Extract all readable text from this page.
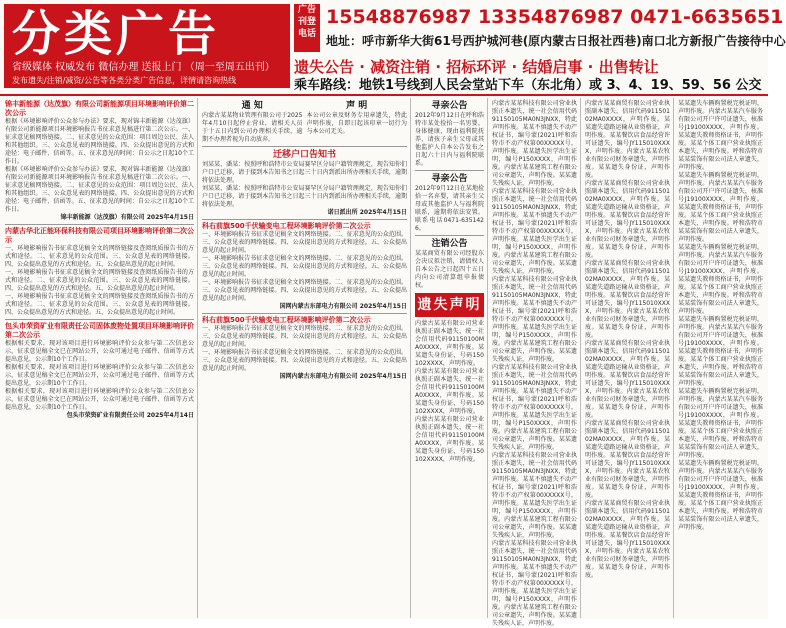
分类广告
省级媒体 权威发布 微信办理 送报上门 （周一至周五出刊）
发布遗失/注销/减资/公告等各类分类广告信息，详情请咨询热线
广告刊登电话
15548876987 13354876987 0471-6635651
地址：呼市新华大街61号西护城河巷(原内蒙古日报社西巷)南口北方新报广告接待中心
遗失公告 · 减资注销 · 招标环评 · 结婚启事 · 出售转让
乘车路线：地铁1号线到人民会堂站下车（东北角）或 3、4、19、59、56 公交
锦丰新能源（达茂旗）有限公司新能源项目环境影响评价第二次公示

根据《环境影响评价公众参与办法》要求，现对锦丰新能源（达茂旗）有限公司新能源项目环境影响报告书征求意见稿进行第二次公示。一、征求意见稿网络链接。二、征求意见的公众范围：项目周边公民、法人和其他组织。三、公众意见表的网络链接。四、公众提出意见的方式和途径：电子邮件、信函等。五、征求意见的时间：自公示之日起10个工作日。

根据《环境影响评价公众参与办法》要求，现对锦丰新能源（达茂旗）有限公司新能源项目环境影响报告书征求意见稿进行第二次公示。一、征求意见稿网络链接。二、征求意见的公众范围：项目周边公民、法人和其他组织。三、公众意见表的网络链接。四、公众提出意见的方式和途径：电子邮件、信函等。五、征求意见的时间：自公示之日起10个工作日。

锦丰新能源（达茂旗）有限公司 2025年4月15日
内蒙古华北正能环保科技有限公司项目环境影响评价第二次公示

一、环境影响报告书征求意见稿全文的网络链接及查阅纸质报告书的方式和途径。二、征求意见的公众范围。三、公众意见表的网络链接。四、公众提出意见的方式和途径。五、公众提出意见的起止时间。

一、环境影响报告书征求意见稿全文的网络链接及查阅纸质报告书的方式和途径。二、征求意见的公众范围。三、公众意见表的网络链接。四、公众提出意见的方式和途径。五、公众提出意见的起止时间。

一、环境影响报告书征求意见稿全文的网络链接及查阅纸质报告书的方式和途径。二、征求意见的公众范围。三、公众意见表的网络链接。四、公众提出意见的方式和途径。五、公众提出意见的起止时间。

包头市荣资矿业有限责任公司固体废物处置项目环境影响评价第二次公示

根据相关要求，现对该项目进行环境影响评价公众参与第二次信息公示，征求意见稿全文已在网站公开，公众可通过电子邮件、信函等方式提出意见，公示期10个工作日。

根据相关要求，现对该项目进行环境影响评价公众参与第二次信息公示，征求意见稿全文已在网站公开，公众可通过电子邮件、信函等方式提出意见，公示期10个工作日。

根据相关要求，现对该项目进行环境影响评价公众参与第二次信息公示，征求意见稿全文已在网站公开，公众可通过电子邮件、信函等方式提出意见，公示期10个工作日。

包头市荣资矿业有限责任公司 2025年4月14日
通 知

内蒙古某某物业管理有限公司于2025年4月10日起停止营业，请相关人员于十五日内到公司办理相关手续，逾期不办理者视为自动放弃。

声 明

本公司公章及财务专用章遗失，特此声明作废，自即日起该印章一切行为与本公司无关。

迁移户口告知书

刘某某、潘某：按照呼和浩特市公安局赛罕区分局户籍管理规定，现告知你们户口已迁移，请于接到本告知书之日起三十日内到派出所办理相关手续，逾期将依法处理。

刘某某、潘某：按照呼和浩特市公安局赛罕区分局户籍管理规定，现告知你们户口已迁移，请于接到本告知书之日起三十日内到派出所办理相关手续，逾期将依法处理。

诺日派出所 2025年4月15日
科右前旗500千伏输变电工程环境影响评价第二次公示

一、环境影响报告书征求意见稿全文的网络链接。二、征求意见的公众范围。三、公众意见表的网络链接。四、公众提出意见的方式和途径。五、公众提出意见的起止时间。

一、环境影响报告书征求意见稿全文的网络链接。二、征求意见的公众范围。三、公众意见表的网络链接。四、公众提出意见的方式和途径。五、公众提出意见的起止时间。

一、环境影响报告书征求意见稿全文的网络链接。二、征求意见的公众范围。三、公众意见表的网络链接。四、公众提出意见的方式和途径。五、公众提出意见的起止时间。

国网内蒙古东部电力有限公司 2025年4月15日
科右前旗500千伏输变电工程环境影响评价第二次公示

一、环境影响报告书征求意见稿全文的网络链接。二、征求意见的公众范围。三、公众意见表的网络链接。四、公众提出意见的方式和途径。五、公众提出意见的起止时间。

一、环境影响报告书征求意见稿全文的网络链接。二、征求意见的公众范围。三、公众意见表的网络链接。四、公众提出意见的方式和途径。五、公众提出意见的起止时间。

国网内蒙古东部电力有限公司 2025年4月15日
寻亲公告

2012年9月12日在呼和浩特市某处捡拾一名男婴，身体健康，现由福利院抚养，请孩子亲生父母或其他监护人自本公告发布之日起六十日内与福利院联系。

寻亲公告

2012年9月12日在某地捡拾一名弃婴，请其亲生父母或其他监护人与福利院联系，逾期将依法安置。联系电话0471-6351426。

注销公告

某某商贸有限公司经股东会决议拟注销，请债权人自本公告之日起四十五日内向公司清算组申报债权。

遗失声明

内蒙古某某有限公司营业执照正副本遗失，统一社会信用代码91150100MA0XXXX，声明作废。某某遗失身份证，号码150102XXXX，声明作废。

内蒙古某某有限公司营业执照正副本遗失，统一社会信用代码91150100MA0XXXX，声明作废。某某遗失身份证，号码150102XXXX，声明作废。

内蒙古某某有限公司营业执照正副本遗失，统一社会信用代码91150100MA0XXXX，声明作废。某某遗失身份证，号码150102XXXX，声明作废。

内蒙古某某科技有限公司营业执照正本遗失，统一社会信用代码91150105MA0N3JNXX，特此声明作废。某某不慎遗失不动产权证书，编号蒙(2021)呼和浩特市不动产权第00XXXXX号，声明作废。某某遗失医学出生证明，编号P150XXXX，声明作废。内蒙古某某建筑工程有限公司公章遗失，声明作废。某某遗失残疾人证，声明作废。

内蒙古某某科技有限公司营业执照正本遗失，统一社会信用代码91150105MA0N3JNXX，特此声明作废。某某不慎遗失不动产权证书，编号蒙(2021)呼和浩特市不动产权第00XXXXX号，声明作废。某某遗失医学出生证明，编号P150XXXX，声明作废。内蒙古某某建筑工程有限公司公章遗失，声明作废。某某遗失残疾人证，声明作废。

内蒙古某某科技有限公司营业执照正本遗失，统一社会信用代码91150105MA0N3JNXX，特此声明作废。某某不慎遗失不动产权证书，编号蒙(2021)呼和浩特市不动产权第00XXXXX号，声明作废。某某遗失医学出生证明，编号P150XXXX，声明作废。内蒙古某某建筑工程有限公司公章遗失，声明作废。某某遗失残疾人证，声明作废。

内蒙古某某科技有限公司营业执照正本遗失，统一社会信用代码91150105MA0N3JNXX，特此声明作废。某某不慎遗失不动产权证书，编号蒙(2021)呼和浩特市不动产权第00XXXXX号，声明作废。某某遗失医学出生证明，编号P150XXXX，声明作废。内蒙古某某建筑工程有限公司公章遗失，声明作废。某某遗失残疾人证，声明作废。

内蒙古某某科技有限公司营业执照正本遗失，统一社会信用代码91150105MA0N3JNXX，特此声明作废。某某不慎遗失不动产权证书，编号蒙(2021)呼和浩特市不动产权第00XXXXX号，声明作废。某某遗失医学出生证明，编号P150XXXX，声明作废。内蒙古某某建筑工程有限公司公章遗失，声明作废。某某遗失残疾人证，声明作废。

内蒙古某某科技有限公司营业执照正本遗失，统一社会信用代码91150105MA0N3JNXX，特此声明作废。某某不慎遗失不动产权证书，编号蒙(2021)呼和浩特市不动产权第00XXXXX号，声明作废。某某遗失医学出生证明，编号P150XXXX，声明作废。内蒙古某某建筑工程有限公司公章遗失，声明作废。某某遗失残疾人证，声明作废。

内蒙古某某商贸有限公司营业执照副本遗失，信用代码91150102MA0XXXX，声明作废。某某遗失道路运输从业资格证，声明作废。某某餐饮店食品经营许可证遗失，编号JY115010XXXX，声明作废。内蒙古某某农牧业有限公司财务章遗失，声明作废。某某遗失身份证，声明作废。

内蒙古某某商贸有限公司营业执照副本遗失，信用代码91150102MA0XXXX，声明作废。某某遗失道路运输从业资格证，声明作废。某某餐饮店食品经营许可证遗失，编号JY115010XXXX，声明作废。内蒙古某某农牧业有限公司财务章遗失，声明作废。某某遗失身份证，声明作废。

内蒙古某某商贸有限公司营业执照副本遗失，信用代码91150102MA0XXXX，声明作废。某某遗失道路运输从业资格证，声明作废。某某餐饮店食品经营许可证遗失，编号JY115010XXXX，声明作废。内蒙古某某农牧业有限公司财务章遗失，声明作废。某某遗失身份证，声明作废。

内蒙古某某商贸有限公司营业执照副本遗失，信用代码91150102MA0XXXX，声明作废。某某遗失道路运输从业资格证，声明作废。某某餐饮店食品经营许可证遗失，编号JY115010XXXX，声明作废。内蒙古某某农牧业有限公司财务章遗失，声明作废。某某遗失身份证，声明作废。

内蒙古某某商贸有限公司营业执照副本遗失，信用代码91150102MA0XXXX，声明作废。某某遗失道路运输从业资格证，声明作废。某某餐饮店食品经营许可证遗失，编号JY115010XXXX，声明作废。内蒙古某某农牧业有限公司财务章遗失，声明作废。某某遗失身份证，声明作废。

内蒙古某某商贸有限公司营业执照副本遗失，信用代码91150102MA0XXXX，声明作废。某某遗失道路运输从业资格证，声明作废。某某餐饮店食品经营许可证遗失，编号JY115010XXXX，声明作废。内蒙古某某农牧业有限公司财务章遗失，声明作废。某某遗失身份证，声明作废。

某某遗失车辆购置税完税证明，声明作废。内蒙古某某汽车服务有限公司开户许可证遗失，核准号J19100XXXX，声明作废。某某遗失教师资格证书，声明作废。某某个体工商户营业执照正本遗失，声明作废。呼和浩特市某某装饰有限公司法人章遗失，声明作废。

某某遗失车辆购置税完税证明，声明作废。内蒙古某某汽车服务有限公司开户许可证遗失，核准号J19100XXXX，声明作废。某某遗失教师资格证书，声明作废。某某个体工商户营业执照正本遗失，声明作废。呼和浩特市某某装饰有限公司法人章遗失，声明作废。

某某遗失车辆购置税完税证明，声明作废。内蒙古某某汽车服务有限公司开户许可证遗失，核准号J19100XXXX，声明作废。某某遗失教师资格证书，声明作废。某某个体工商户营业执照正本遗失，声明作废。呼和浩特市某某装饰有限公司法人章遗失，声明作废。

某某遗失车辆购置税完税证明，声明作废。内蒙古某某汽车服务有限公司开户许可证遗失，核准号J19100XXXX，声明作废。某某遗失教师资格证书，声明作废。某某个体工商户营业执照正本遗失，声明作废。呼和浩特市某某装饰有限公司法人章遗失，声明作废。

某某遗失车辆购置税完税证明，声明作废。内蒙古某某汽车服务有限公司开户许可证遗失，核准号J19100XXXX，声明作废。某某遗失教师资格证书，声明作废。某某个体工商户营业执照正本遗失，声明作废。呼和浩特市某某装饰有限公司法人章遗失，声明作废。

某某遗失车辆购置税完税证明，声明作废。内蒙古某某汽车服务有限公司开户许可证遗失，核准号J19100XXXX，声明作废。某某遗失教师资格证书，声明作废。某某个体工商户营业执照正本遗失，声明作废。呼和浩特市某某装饰有限公司法人章遗失，声明作废。
